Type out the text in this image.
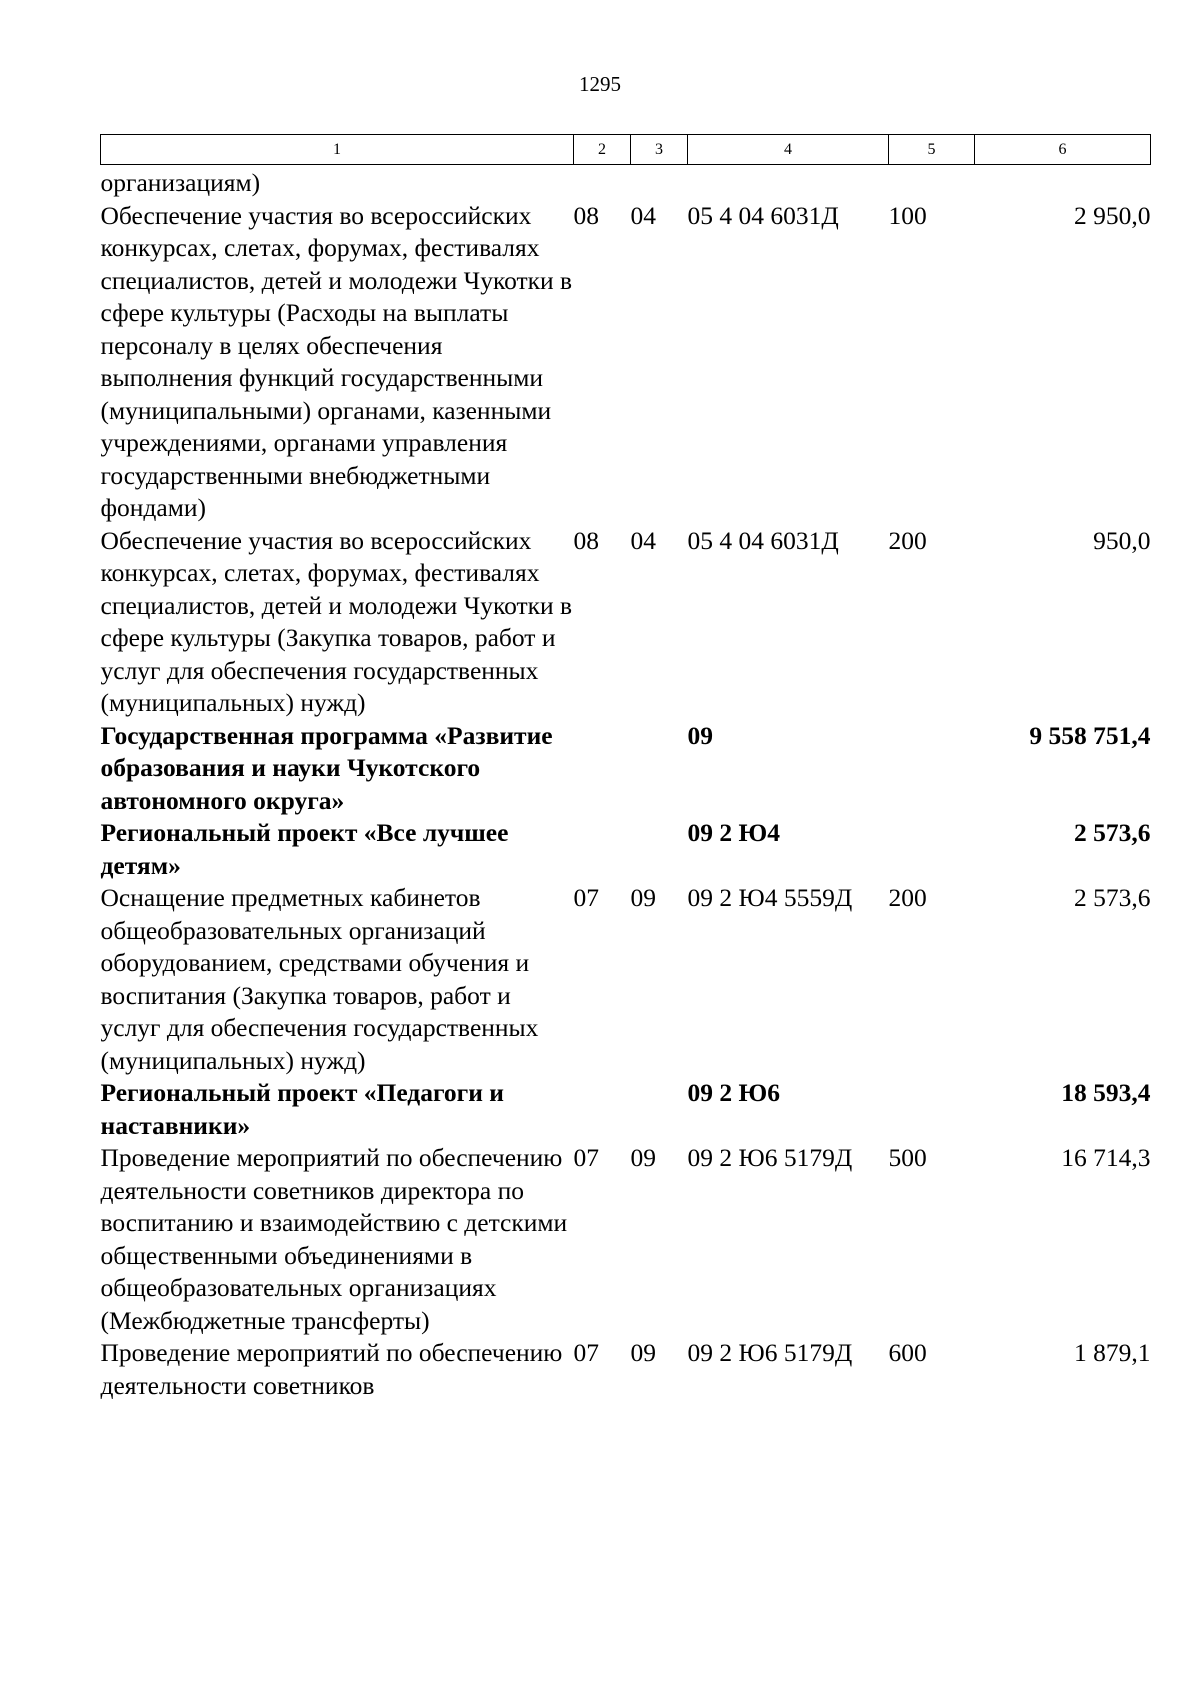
1295
1	2	3	4	5	6

организациям)					
Обеспечение участия во всероссийских конкурсах, слетах, форумах, фестивалях специалистов, детей и молодежи Чукотки в сфере культуры (Расходы на выплаты персоналу в целях обеспечения выполнения функций государственными (муниципальными) органами, казенными учреждениями, органами управления государственными внебюджетными фондами)	08	04	05 4 04 6031Д	100	2 950,0
Обеспечение участия во всероссийских конкурсах, слетах, форумах, фестивалях специалистов, детей и молодежи Чукотки в сфере культуры (Закупка товаров, работ и услуг для обеспечения государственных (муниципальных) нужд)	08	04	05 4 04 6031Д	200	950,0
Государственная программа «Развитие образования и науки Чукотского автономного округа»			09		9 558 751,4
Региональный проект «Все лучшее детям»			09 2 Ю4		2 573,6
Оснащение предметных кабинетов общеобразовательных организаций оборудованием, средствами обучения и воспитания (Закупка товаров, работ и услуг для обеспечения государственных (муниципальных) нужд)	07	09	09 2 Ю4 5559Д	200	2 573,6
Региональный проект «Педагоги и наставники»			09 2 Ю6		18 593,4
Проведение мероприятий по обеспечению деятельности советников директора по воспитанию и взаимодействию с детскими общественными объединениями в общеобразовательных организациях (Межбюджетные трансферты)	07	09	09 2 Ю6 5179Д	500	16 714,3
Проведение мероприятий по обеспечению деятельности советников	07	09	09 2 Ю6 5179Д	600	1 879,1
